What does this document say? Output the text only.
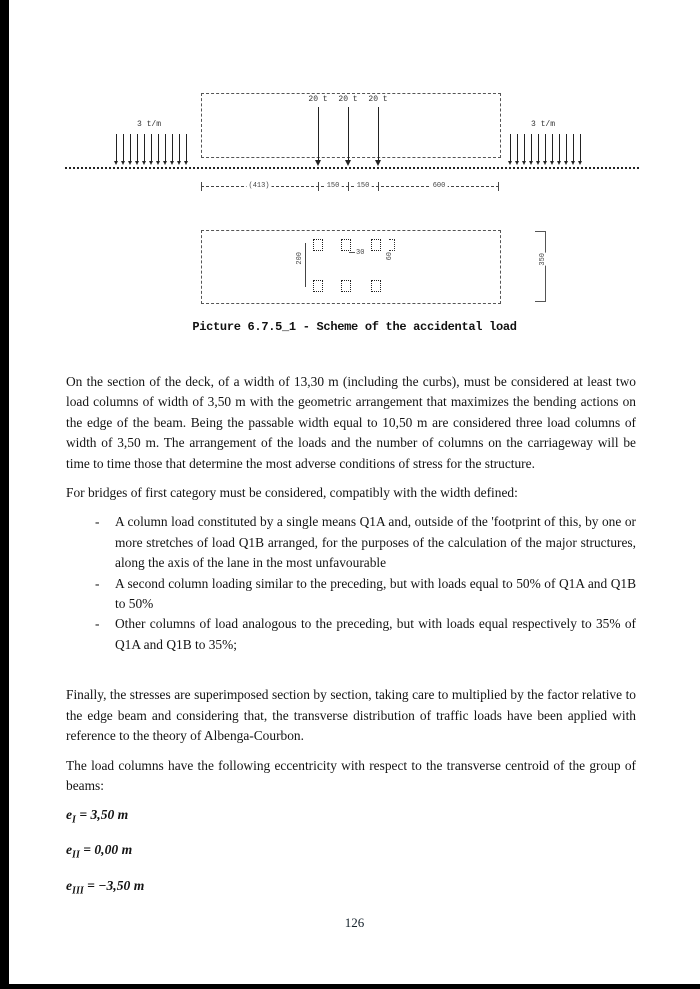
3 t/m	3 t/m
20 t	20 t	20 t
(413)	150 150	600
60
200	30	350
Picture 6.7.5_1 - Scheme of the accidental load

On the section of the deck, of a width of 13,30 m (including the curbs), must be considered at least two load columns of width of 3,50 m with the geometric arrangement that maximizes the bending actions on the edge of the beam. Being the passable width equal to 10,50 m are considered three load columns of width of 3,50 m. The arrangement of the loads and the number of columns on the carriageway will be time to time those that determine the most adverse conditions of stress for the structure.

For bridges of first category must be considered, compatibly with the width defined:

- A column load constituted by a single means Q1A and, outside of the 'footprint of this, by one or more stretches of load Q1B arranged, for the purposes of the calculation of the major structures, along the axis of the lane in the most unfavourable
- A second column loading similar to the preceding, but with loads equal to 50% of Q1A and Q1B to 50%
- Other columns of load analogous to the preceding, but with loads equal respectively to 35% of Q1A and Q1B to 35%;

Finally, the stresses are superimposed section by section, taking care to multiplied by the factor relative to the edge beam and considering that, the transverse distribution of traffic loads have been applied with reference to the theory of Albenga-Courbon.

The load columns have the following eccentricity with respect to the transverse centroid of the group of beams:

$e_I = 3,50$ m

$e_{II} = 0,00$ m

$e_{III} = -3,50$ m

126
